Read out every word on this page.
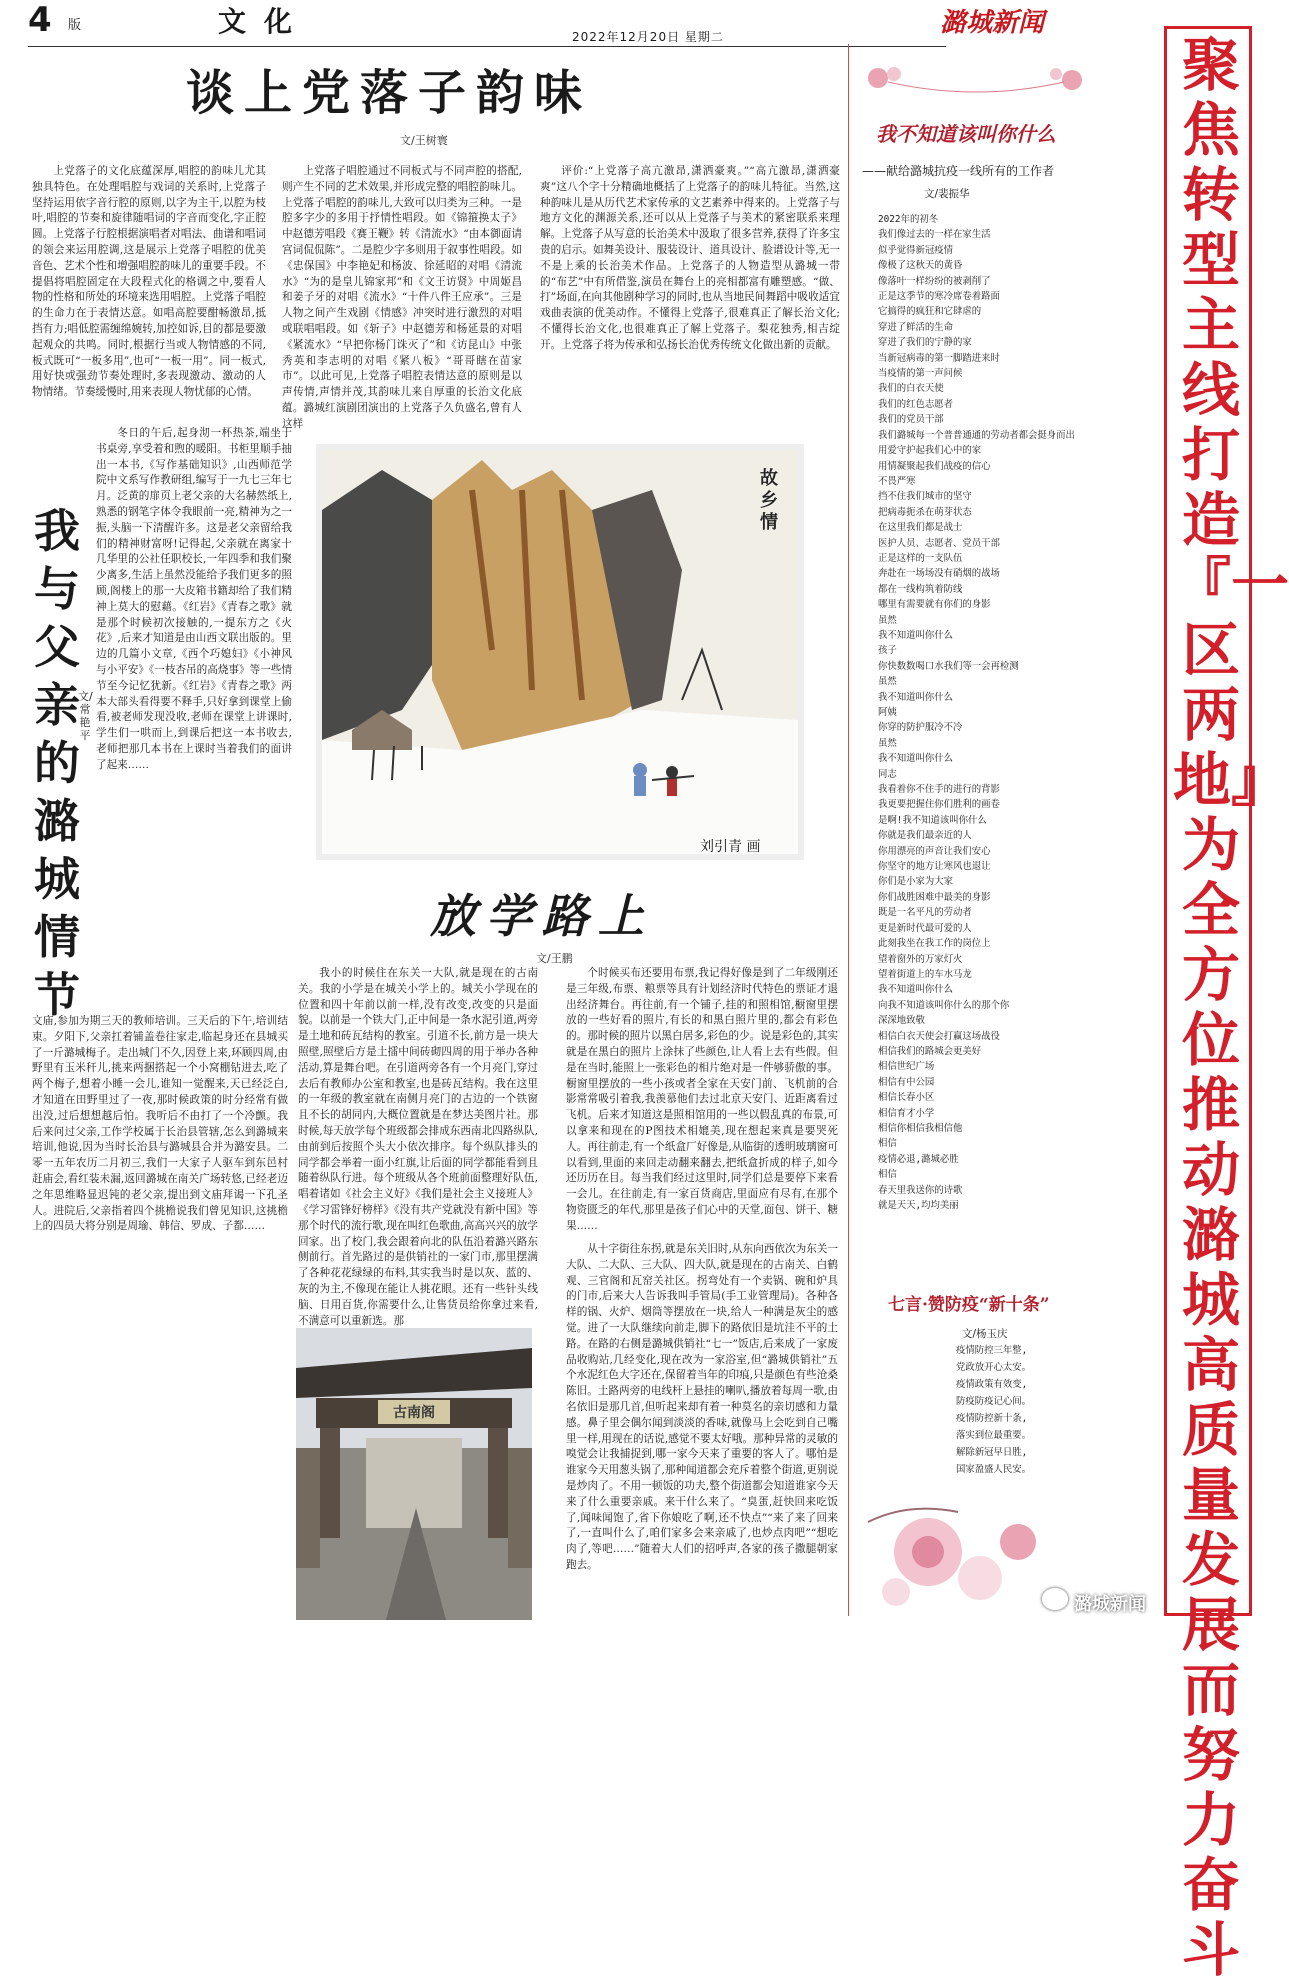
4 版	文化	2022年12月20日 星期二	潞城新闻
谈上党落子韵味
文/王树寰
上党落子的文化底蕴深厚,唱腔的韵味儿尤其独具特色。在处理唱腔与戏词的关系时,上党落子坚持运用依字音行腔的原则,以字为主干,以腔为枝叶,唱腔的节奏和旋律随唱词的字音而变化,字正腔圆。上党落子行腔根据演唱者对唱法、曲谱和唱词的领会来运用腔调,这是展示上党落子唱腔的优美音色、艺术个性和增强唱腔韵味儿的重要手段。不提倡将唱腔固定在大段程式化的格调之中,要看人物的性格和所处的环境来选用唱腔。上党落子唱腔的生命力在于表情达意。如唱高腔要酣畅激昂,抵挡有力;唱低腔需缠绵婉转,加控如诉,目的都是要激起观众的共鸣。同时,根据行当或人物情感的不同,板式既可“一板多用”,也可“一板一用”。同一板式,用好快或强劲节奏处理时,多表现激动、激动的人物情绪。节奏缓慢时,用来表现人物忧郁的心情。
上党落子唱腔通过不同板式与不同声腔的搭配,则产生不同的艺术效果,并形成完整的唱腔韵味儿。上党落子唱腔的韵味儿,大致可以归类为三种。一是腔多字少的多用于抒情性唱段。如《锦箍换太子》中赵德芳唱段《赛王鞭》转《清流水》“由本御面请宫词侃侃陈”。二是腔少字多则用于叙事性唱段。如《忠保国》中李艳妃和杨波、徐延昭的对唱《清流水》“为的是皇儿锦家邦”和《文王访贤》中周姬昌和姜子牙的对唱《流水》“十件八件王应承”。三是人物之间产生戏剧《情感》冲突时进行激烈的对唱或联唱唱段。如《斩子》中赵德芳和杨延景的对唱《紧流水》“早把你杨门诛灭了”和《访昆山》中张秀英和李志明的对唱《紧八板》“哥哥瞎在苗家市”。以此可见,上党落子唱腔表情达意的原则是以声传情,声情并茂,其韵味儿来自厚重的长治文化底蕴。潞城红演剧团演出的上党落子久负盛名,曾有人这样
评价:“上党落子高亢激昂,潇洒豪爽。”“高亢激昂,潇洒豪爽”这八个字十分精确地概括了上党落子的韵味儿特征。当然,这种韵味儿是从历代艺术家传承的文艺素养中得来的。上党落子与地方文化的渊源关系,还可以从上党落子与美术的紧密联系来理解。上党落子从写意的长治美术中汲取了很多营养,获得了许多宝贵的启示。如舞美设计、服装设计、道具设计、脸谱设计等,无一不是上乘的长治美术作品。上党落子的人物造型从潞城一带的“布艺”中有所借鉴,演员在舞台上的亮相都富有雕塑感。“做、打”场面,在向其他剧种学习的同时,也从当地民间舞蹈中吸收适宜戏曲表演的优美动作。不懂得上党落子,很难真正了解长治文化;不懂得长治文化,也很难真正了解上党落子。梨花独秀,相吉绽开。上党落子将为传承和弘扬长治优秀传统文化做出新的贡献。
我与父亲的潞城情节
文/常艳平
冬日的午后,起身沏一杯热茶,端坐于书桌旁,享受着和煦的暖阳。书柜里顺手抽出一本书,《写作基础知识》,山西师范学院中文系写作教研组,编写于一九七三年七月。泛黄的扉页上老父亲的大名赫然纸上,熟悉的钢笔字体令我眼前一亮,精神为之一振,头脑一下清醒许多。这是老父亲留给我们的精神财富呀!记得起,父亲就在离家十几华里的公社任职校长,一年四季和我们聚少离多,生活上虽然没能给予我们更多的照顾,阁楼上的那一大皮箱书籍却给了我们精神上莫大的慰藉。《红岩》《青春之歌》就是那个时候初次接触的,一提东方之《火花》,后来才知道是由山西文联出版的。里边的几篇小文章,《西个巧媳妇》《小神风与小平安》《一枝杏吊的高烧事》等一些情节至今记忆犹新。《红岩》《青春之歌》两本大部头看得要不释手,只好拿到课堂上偷看,被老师发现没收,老师在课堂上讲课时,学生们一哄而上,到课后把这一本书收去,老师把那几本书在上课时当着我们的面讲了起来……
文庙,参加为期三天的教师培训。三天后的下午,培训结束。夕阳下,父亲扛着铺盖卷往家走,临起身还在县城买了一斤潞城梅子。走出城门不久,因登上来,环顾四周,由野里有玉米秆儿,挑来两捆搭起一个小窝棚钻进去,吃了两个梅子,想着小睡一会儿,谁知一觉醒来,天已经泛白,才知道在田野里过了一夜,那时候政策的时分经常有做出没,过后想想越后怕。我听后不由打了一个冷颤。我后来问过父亲,工作学校属于长治县管辖,怎么到潞城来培训,他说,因为当时长治县与潞城县合并为潞安县。二零一五年农历二月初三,我们一大家子人驱车到东邑村赶庙会,看红装未漏,返回潞城在南关广场转悠,已经老迈之年思维略显迟钝的老父亲,提出到文庙拜谒一下孔圣人。进院后,父亲指着四个挑檐说我们曾见知识,这挑檐上的四员大将分别是周瑜、韩信、罗成、子都……
故乡情
刘引青 画
放学路上
文/王鹏
我小的时候住在东关一大队,就是现在的古南关。我的小学是在城关小学上的。城关小学现在的位置和四十年前以前一样,没有改变,改变的只是面貌。以前是一个铁大门,正中间是一条水泥引道,两旁是土地和砖瓦结构的教室。引道不长,前方是一块大照壁,照壁后方是土擂中间砖砌四周的用于举办各种活动,算是舞台吧。在引道两旁各有一个月亮门,穿过去后有教师办公室和教室,也是砖瓦结构。我在这里的一年级的教室就在南侧月亮门的古边的一个铁窗且不长的胡同内,大概位置就是在梦达美图片社。那时候,每天放学每个班级都会排成东西南北四路纵队,由前到后按照个头大小依次排序。每个纵队排头的同学都会举着一面小红旗,让后面的同学都能看到且随着纵队行进。每个班级从各个班前面整理好队伍,唱着诸如《社会主义好》《我们是社会主义接班人》《学习雷锋好榜样》《没有共产党就没有新中国》等那个时代的流行歌,现在叫红色歌曲,高高兴兴的放学回家。出了校门,我会跟着向北的队伍沿着潞兴路东侧前行。首先路过的是供销社的一家门市,那里摆满了各种花花绿绿的布料,其实我当时是以灰、蓝的、灰的为主,不像现在能让人挑花眼。还有一些针头线脑、日用百货,你需要什么,让售货员给你拿过来看,不满意可以重新选。那
个时候买布还要用布票,我记得好像是到了二年级刚还是三年级,布票、粮票等具有计划经济时代特色的票证才退出经济舞台。再往前,有一个铺子,挂的和照相馆,橱窗里摆放的一些好看的照片,有长的和黑白照片里的,都会有彩色的。那时候的照片以黑白居多,彩色的少。说是彩色的,其实就是在黑白的照片上涂抹了些颜色,让人看上去有些假。但是在当时,能照上一张彩色的相片绝对是一件够骄傲的事。橱窗里摆放的一些小孩或者全家在天安门前、飞机前的合影常常吸引着我,我羡慕他们去过北京天安门、近距离看过飞机。后来才知道这是照相馆用的一些以假乱真的布景,可以拿来和现在的P图技术相媲美,现在想起来真是要哭死人。再往前走,有一个纸盒厂好像是,从临街的透明玻璃窗可以看到,里面的来回走动翻来翻去,把纸盒折成的样子,如今还历历在目。每当我们经过这里时,同学们总是要停下来看一会儿。在往前走,有一家百货商店,里面应有尽有,在那个物资匮乏的年代,那里是孩子们心中的天堂,面包、饼干、糖果……
从十字街往东拐,就是东关旧时,从东向西依次为东关一大队、二大队、三大队、四大队,就是现在的古南关、白鹤观、三官阁和瓦窑关社区。拐弯处有一个卖锅、碗和炉具的门市,后来大人告诉我叫手管局(手工业管理局)。各种各样的锅、火炉、烟筒等摆放在一块,给人一种满是灰尘的感觉。进了一大队继续向前走,脚下的路依旧是坑洼不平的土路。在路的右侧是潞城供销社“七一”饭店,后来成了一家废品收购站,几经变化,现在改为一家浴室,但“潞城供销社”五个水泥红色大字还在,保留着当年的印痕,只是颜色有些沧桑陈旧。土路两旁的电线杆上悬挂的喇叭,播放着每周一歌,由名依旧是那几首,但听起来却有着一种莫名的亲切感和力量感。鼻子里会偶尔闻到淡淡的香味,就像马上会吃到自己嘴里一样,用现在的话说,感觉不要太好哦。那种异常的灵敏的嗅觉会让我捕捉到,哪一家今天来了重要的客人了。哪怕是谁家今天用葱头锅了,那种闻道都会充斥着整个街道,更别说是炒肉了。不用一顿饭的功夫,整个街道都会知道谁家今天来了什么重要亲戚。来干什么来了。“臭蛋,赶快回来吃饭了,闻味闻饱了,省下你娘吃了啊,还不快点”“来了来了回来了,一直叫什么了,咱们家多会来亲戚了,也炒点肉吧”“想吃肉了,等吧……”随着大人们的招呼声,各家的孩子撒腿朝家跑去。
古南阁
我不知道该叫你什么
——献给潞城抗疫一线所有的工作者
文/裴振华
2022年的初冬
我们像过去的一样在家生活
似乎觉得新冠疫情
像极了这秋天的黄昏
像落叶一样纷纷的被剥削了
正是这季节的寒冷席卷着路面
它搞得的疯狂和它肆虐的
穿进了鲜活的生命
穿进了我们的宁静的家
当新冠病毒的第一脚踏进来时
当疫情的第一声问候
我们的白衣天使
我们的红色志愿者
我们的党员干部
我们潞城每一个普普通通的劳动者都会挺身而出
用爱守护起我们心中的家
用情凝聚起我们战疫的信心
不畏严寒
挡不住我们城市的坚守
把病毒扼杀在萌芽状态
在这里我们都是战士
医护人员、志愿者、党员干部
正是这样的一支队伍
奔赴在一场场没有硝烟的战场
都在一线构筑着防线
哪里有需要就有你们的身影
虽然
我不知道叫你什么
孩子
你快数数喝口水我们等一会再检测
虽然
我不知道叫你什么
阿姨
你穿的防护服冷不冷
虽然
我不知道叫你什么
同志
我看着你不住手的进行的背影
我更要把握住你们胜利的画卷
是啊!我不知道该叫你什么
你就是我们最亲近的人
你用漂亮的声音让我们安心
你坚守的地方让寒风也退让
你们是小家为大家
你们战胜困难中最美的身影
既是一名平凡的劳动者
更是新时代最可爱的人
此刻我坐在我工作的岗位上
望着窗外的万家灯火
望着街道上的车水马龙
我不知道叫你什么
向我不知道该叫你什么的那个你
深深地致敬
相信白衣天使会打赢这场战役
相信我们的路城会更美好
相信世纪广场
相信有中公园
相信长春小区
相信育才小学
相信你相信我相信他
相信
疫情必退,潞城必胜
相信
春天里我送你的诗歌
就是天天,均均美丽
七言·赞防疫“新十条”
文/杨玉庆
疫情防控三年整,
党政放开心太安。
疫情政策有效变,
防疫防疫记心间。
疫情防控新十条,
落实到位最重要。
解除新冠早日胜,
国家盈盛人民安。
聚焦转型主线 打造『一区两地』为全方位推动潞城高质量发展而努力奋斗
潞城新闻
